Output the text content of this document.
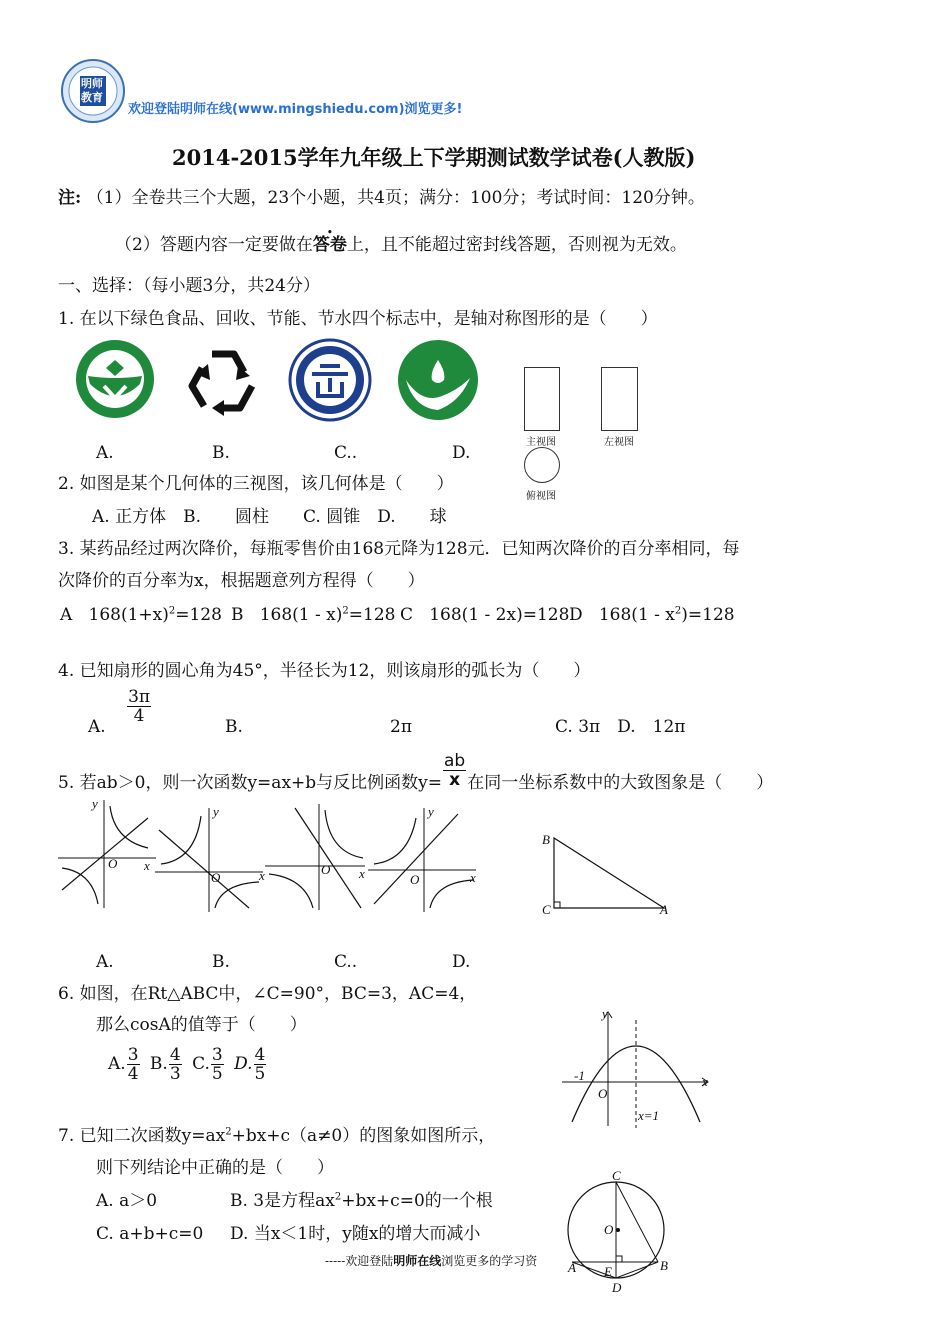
明师教育
欢迎登陆明师在线(www.mingshiedu.com)浏览更多!
2014-2015学年九年级上下学期测试数学试卷(人教版)
注: （1）全卷共三个大题，23个小题，共4页；满分：100分；考试时间：120分钟。
（2）答题内容一定要做在答卷上，且不能超过密封线答题，否则视为无效。
一、选择：（每小题3分，共24分）
1. 在以下绿色食品、回收、节能、节水四个标志中，是轴对称图形的是（　　）
A.	B.	C..	D.
主视图	左视图
俯视图
2. 如图是某个几何体的三视图，该几何体是（　　）
A. 正方体　B.　　圆柱　　C. 圆锥　D.　　球
3. 某药品经过两次降价，每瓶零售价由168元降为128元．已知两次降价的百分率相同，每
次降价的百分率为x，根据题意列方程得（　　）
A $168(1+x)^2=128$ B 168(1 - x)$^2$=128 C 168(1 - 2x)=128 D $168(1 - x^2)=128$
4. 已知扇形的圆心角为45°，半径长为12，则该扇形的弧长为（　　）
A.
$\frac{3\pi}{4}$
B.	2π	C. 3π　D.　12π
5. 若ab＞0，则一次函数y=ax+b与反比例函数$y= \frac{ab}{x}$ 在同一坐标系数中的大致图象是（　　）
y
x
O
y
x
O
O x
y
x
O
B
C	A
A.	B.	C..	D.
6. 如图，在Rt△ABC中，∠C=90°，BC=3，AC=4，
那么cosA的值等于（　　）
A. $\frac{3}{4} B$. $\frac{4}{3} C$. $\frac{3}{5} D$. $\frac{4}{5}$
y
x
O
-1
x=1
7. 已知二次函数$y=ax^2+bx+c(a\ne 0)$的图象如图所示，
则下列结论中正确的是（　　）
A. a＞0	B. 3是方程$ax^2+bx+c=0$的一个根
C. a+b+c=0 D. 当x＜1时，y随x的增大而减小
C
O
A E	B
D
-----欢迎登陆明师在线浏览更多的学习资
